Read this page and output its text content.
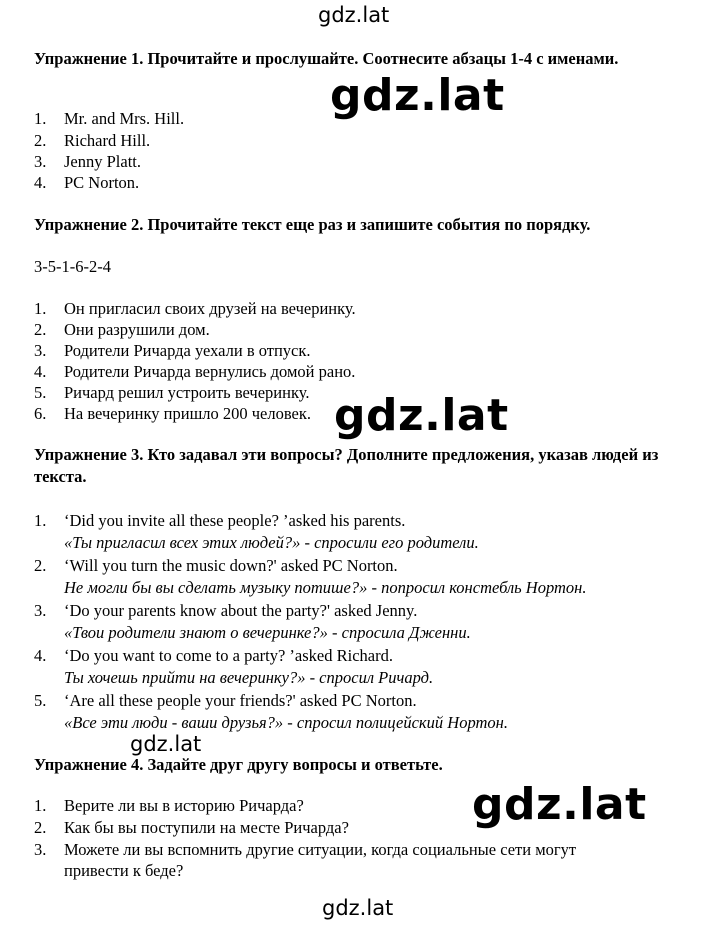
Упражнение 1. Прочитайте и прослушайте. Соотнесите абзацы 1-4 с именами.

1. Mr. and Mrs. Hill.
2. Richard Hill.
3. Jenny Platt.
4. PC Norton.

Упражнение 2. Прочитайте текст еще раз и запишите события по порядку.

3-5-1-6-2-4
1. Он пригласил своих друзей на вечеринку.
2. Они разрушили дом.
3. Родители Ричарда уехали в отпуск.
4. Родители Ричарда вернулись домой рано.
5. Ричард решил устроить вечеринку.
6. На вечеринку пришло 200 человек.

Упражнение 3. Кто задавал эти вопросы? Дополните предложения, указав людей из текста.

1. ‘Did you invite all these people? ’asked his parents.
«Ты пригласил всех этих людей?» - спросили его родители.
2. ‘Will you turn the music down?' asked PC Norton.
Не могли бы вы сделать музыку потише?» - попросил констебль Нортон.
3. ‘Do your parents know about the party?' asked Jenny.
«Твои родители знают о вечеринке?» - спросила Дженни.
4. ‘Do you want to come to a party? ’asked Richard.
Ты хочешь прийти на вечеринку?» - спросил Ричард.
5. ‘Are all these people your friends?' asked PC Norton.
«Все эти люди - ваши друзья?» - спросил полицейский Нортон.

Упражнение 4. Задайте друг другу вопросы и ответьте.

1. Верите ли вы в историю Ричарда?
2. Как бы вы поступили на месте Ричарда?
3. Можете ли вы вспомнить другие ситуации, когда социальные сети могут
привести к беде?
gdz.lat
gdz.lat
gdz.lat
gdz.lat
gdz.lat
gdz.lat
